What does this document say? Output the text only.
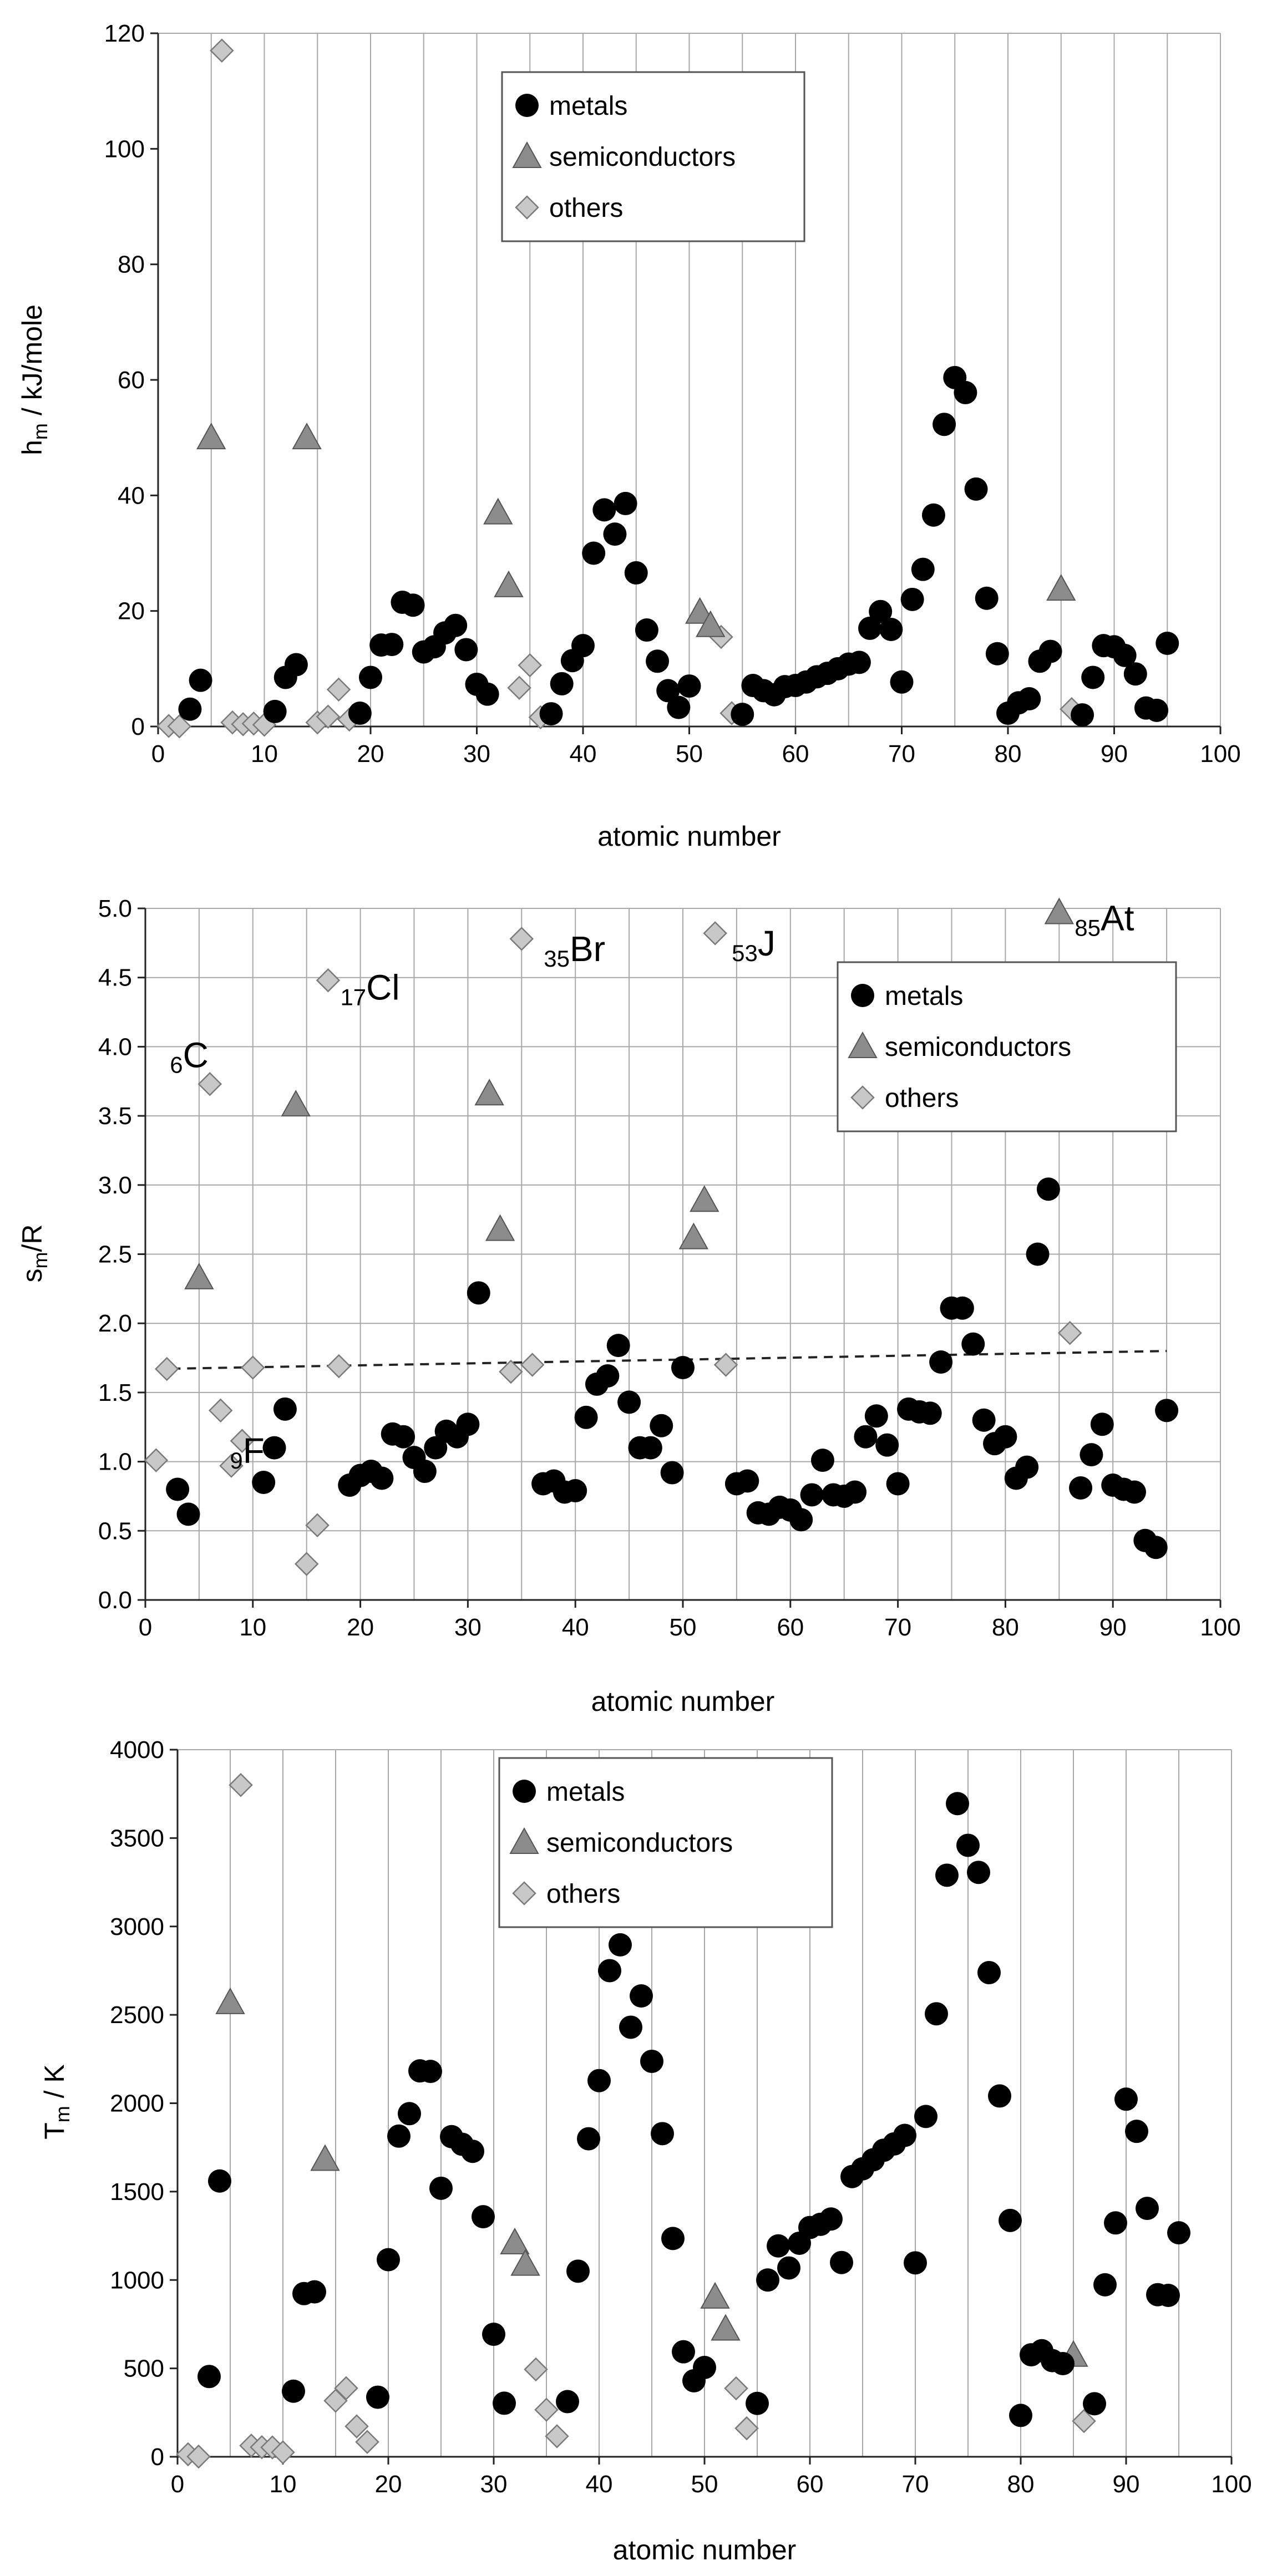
0	10	20	30	40	50	60	70	80	90	100
0
20
40
60
80
100
120
atomic number
$h_m$ / kJ/mole
metals
semiconductors
others
0	10	20	30	40	50	60	70	80	90	100
0.0
0.5
1.0
1.5
2.0
2.5
3.0
3.5
4.0
4.5
5.0
atomic number
$s_m/R$
6C
9F
17Cl
35Br	53J	85At
metals
semiconductors
others
0	10	20	30	40	50	60	70	80	90	100
0
500
1000
1500
2000
2500
3000
3500
4000
atomic number
$T_m$ / K
metals
semiconductors
others
